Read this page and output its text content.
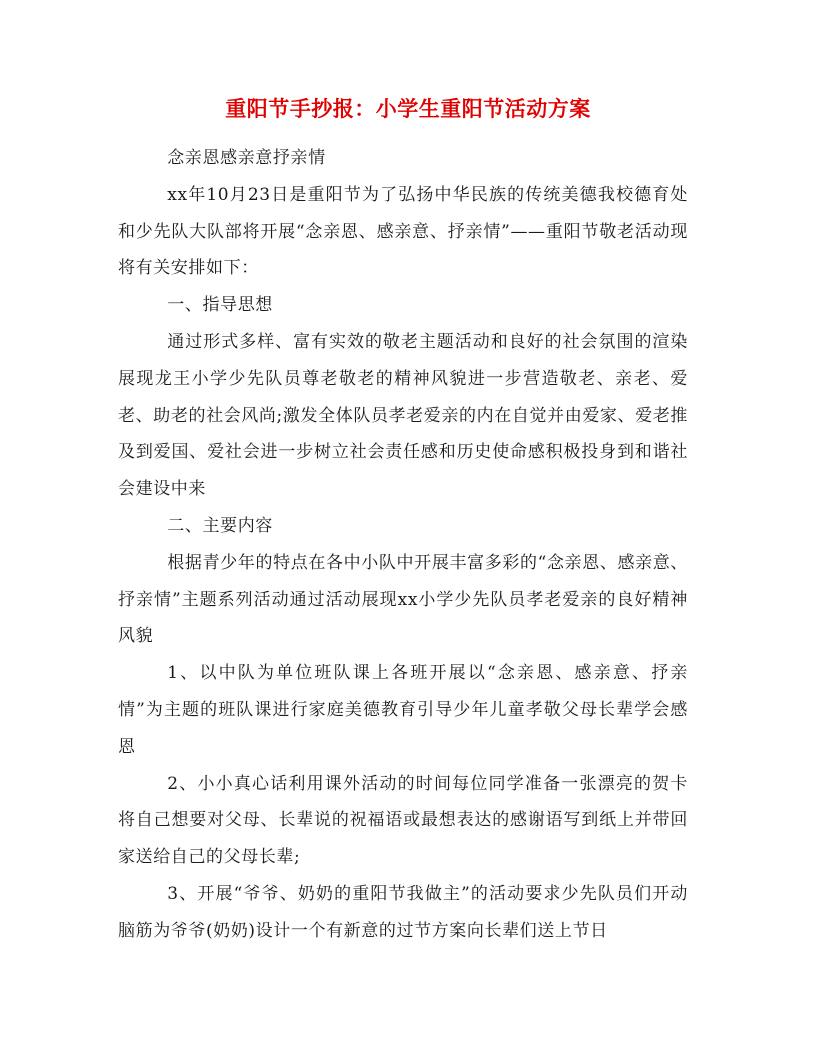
重阳节手抄报：小学生重阳节活动方案

念亲恩感亲意抒亲情

xx年10月23日是重阳节为了弘扬中华民族的传统美德我校德育处和少先队大队部将开展“念亲恩、感亲意、抒亲情”——重阳节敬老活动现将有关安排如下：

一、指导思想

通过形式多样、富有实效的敬老主题活动和良好的社会氛围的渲染展现龙王小学少先队员尊老敬老的精神风貌进一步营造敬老、亲老、爱老、助老的社会风尚;激发全体队员孝老爱亲的内在自觉并由爱家、爱老推及到爱国、爱社会进一步树立社会责任感和历史使命感积极投身到和谐社会建设中来

二、主要内容

根据青少年的特点在各中小队中开展丰富多彩的“念亲恩、感亲意、抒亲情”主题系列活动通过活动展现xx小学少先队员孝老爱亲的良好精神风貌

1、以中队为单位班队课上各班开展以“念亲恩、感亲意、抒亲情”为主题的班队课进行家庭美德教育引导少年儿童孝敬父母长辈学会感恩

2、小小真心话利用课外活动的时间每位同学准备一张漂亮的贺卡将自己想要对父母、长辈说的祝福语或最想表达的感谢语写到纸上并带回家送给自己的父母长辈;

3、开展“爷爷、奶奶的重阳节我做主”的活动要求少先队员们开动脑筋为爷爷(奶奶)设计一个有新意的过节方案向长辈们送上节日
